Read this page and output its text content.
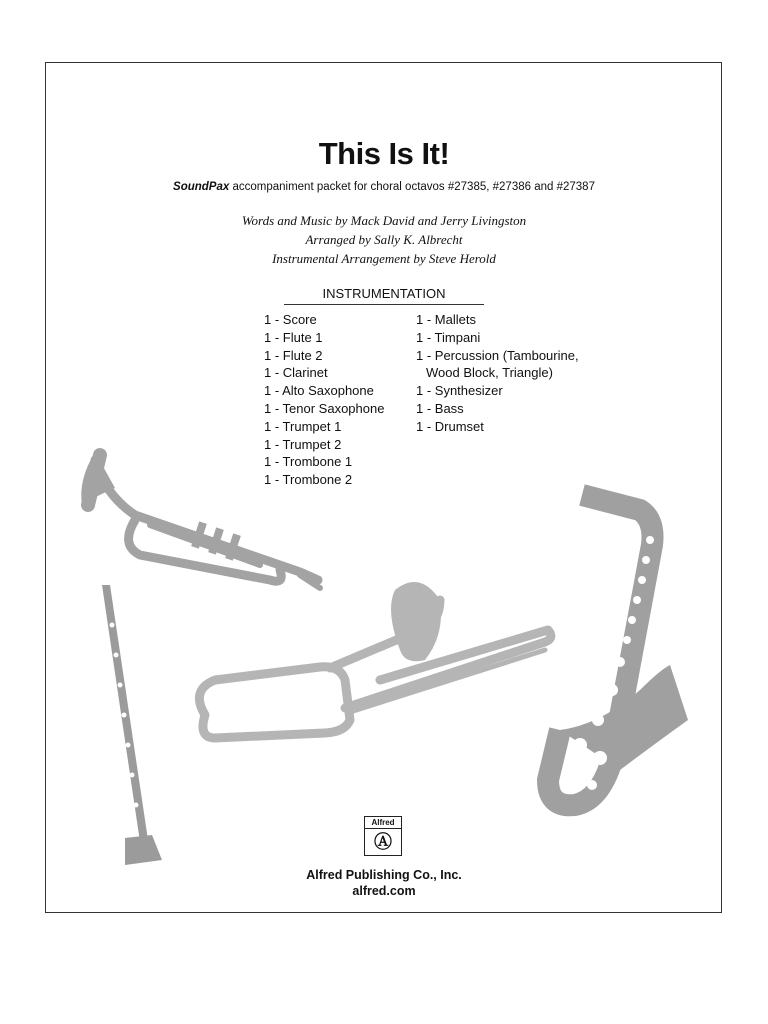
This Is It!
SoundPax accompaniment packet for choral octavos #27385, #27386 and #27387
Words and Music by Mack David and Jerry Livingston
Arranged by Sally K. Albrecht
Instrumental Arrangement by Steve Herold
INSTRUMENTATION
1 - Score
1 - Flute 1
1 - Flute 2
1 - Clarinet
1 - Alto Saxophone
1 - Tenor Saxophone
1 - Trumpet 1
1 - Trumpet 2
1 - Trombone 1
1 - Trombone 2
1 - Mallets
1 - Timpani
1 - Percussion (Tambourine,
Wood Block, Triangle)
1 - Synthesizer
1 - Bass
1 - Drumset
Alfred
Ⓐ
Alfred Publishing Co., Inc.
alfred.com
